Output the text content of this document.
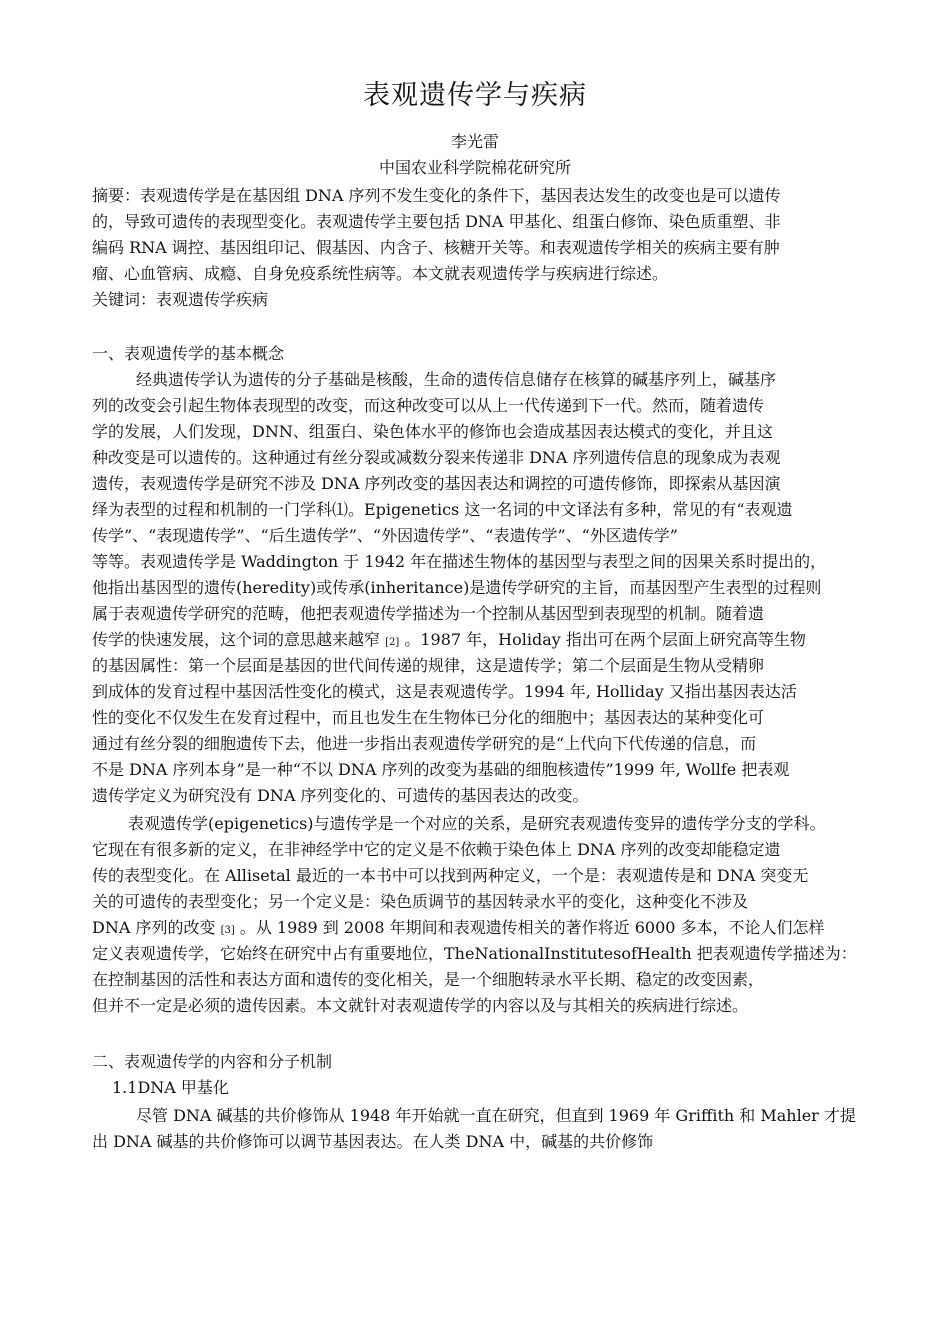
表观遗传学与疾病
李光雷
中国农业科学院棉花研究所
摘要：表观遗传学是在基因组 DNA 序列不发生变化的条件下，基因表达发生的改变也是可以遗传
的，导致可遗传的表现型变化。表观遗传学主要包括 DNA 甲基化、组蛋白修饰、染色质重塑、非
编码 RNA 调控、基因组印记、假基因、内含子、核糖开关等。和表观遗传学相关的疾病主要有肿
瘤、心血管病、成瘾、自身免疫系统性病等。本文就表观遗传学与疾病进行综述。
关键词：表观遗传学疾病
一、表观遗传学的基本概念
经典遗传学认为遗传的分子基础是核酸，生命的遗传信息储存在核算的碱基序列上，碱基序
列的改变会引起生物体表现型的改变，而这种改变可以从上一代传递到下一代。然而，随着遗传
学的发展，人们发现，DNN、组蛋白、染色体水平的修饰也会造成基因表达模式的变化，并且这
种改变是可以遗传的。这种通过有丝分裂或减数分裂来传递非 DNA 序列遗传信息的现象成为表观
遗传，表观遗传学是研究不涉及 DNA 序列改变的基因表达和调控的可遗传修饰，即探索从基因演
绎为表型的过程和机制的一门学科⑴。Epigenetics 这一名词的中文译法有多种，常见的有“表观遗
传学”、“表现遗传学”、“后生遗传学”、“外因遗传学”、“表遗传学”、“外区遗传学”
等等。表观遗传学是 Waddington 于 1942 年在描述生物体的基因型与表型之间的因果关系时提出的，
他指出基因型的遗传(heredity)或传承(inheritance)是遗传学研究的主旨，而基因型产生表型的过程则
属于表观遗传学研究的范畴，他把表观遗传学描述为一个控制从基因型到表现型的机制。随着遗
传学的快速发展，这个词的意思越来越窄 [2] 。1987 年，Holiday 指出可在两个层面上研究高等生物
的基因属性：第一个层面是基因的世代间传递的规律，这是遗传学；第二个层面是生物从受精卵
到成体的发育过程中基因活性变化的模式，这是表观遗传学。1994 年, Holliday 又指出基因表达活
性的变化不仅发生在发育过程中，而且也发生在生物体已分化的细胞中；基因表达的某种变化可
通过有丝分裂的细胞遗传下去，他进一步指出表观遗传学研究的是“上代向下代传递的信息，而
不是 DNA 序列本身”是一种“不以 DNA 序列的改变为基础的细胞核遗传”1999 年, Wollfe 把表观
遗传学定义为研究没有 DNA 序列变化的、可遗传的基因表达的改变。
表观遗传学(epigenetics)与遗传学是一个对应的关系，是研究表观遗传变异的遗传学分支的学科。
它现在有很多新的定义，在非神经学中它的定义是不依赖于染色体上 DNA 序列的改变却能稳定遗
传的表型变化。在 Allisetal 最近的一本书中可以找到两种定义，一个是：表观遗传是和 DNA 突变无
关的可遗传的表型变化；另一个定义是：染色质调节的基因转录水平的变化，这种变化不涉及
DNA 序列的改变 [3] 。从 1989 到 2008 年期间和表观遗传相关的著作将近 6000 多本，不论人们怎样
定义表观遗传学，它始终在研究中占有重要地位，TheNationalInstitutesofHealth 把表观遗传学描述为：
在控制基因的活性和表达方面和遗传的变化相关，是一个细胞转录水平长期、稳定的改变因素，
但并不一定是必须的遗传因素。本文就针对表观遗传学的内容以及与其相关的疾病进行综述。
二、表观遗传学的内容和分子机制
1.1DNA 甲基化
尽管 DNA 碱基的共价修饰从 1948 年开始就一直在研究，但直到 1969 年 Griffith 和 Mahler 才提
出 DNA 碱基的共价修饰可以调节基因表达。在人类 DNA 中，碱基的共价修饰
